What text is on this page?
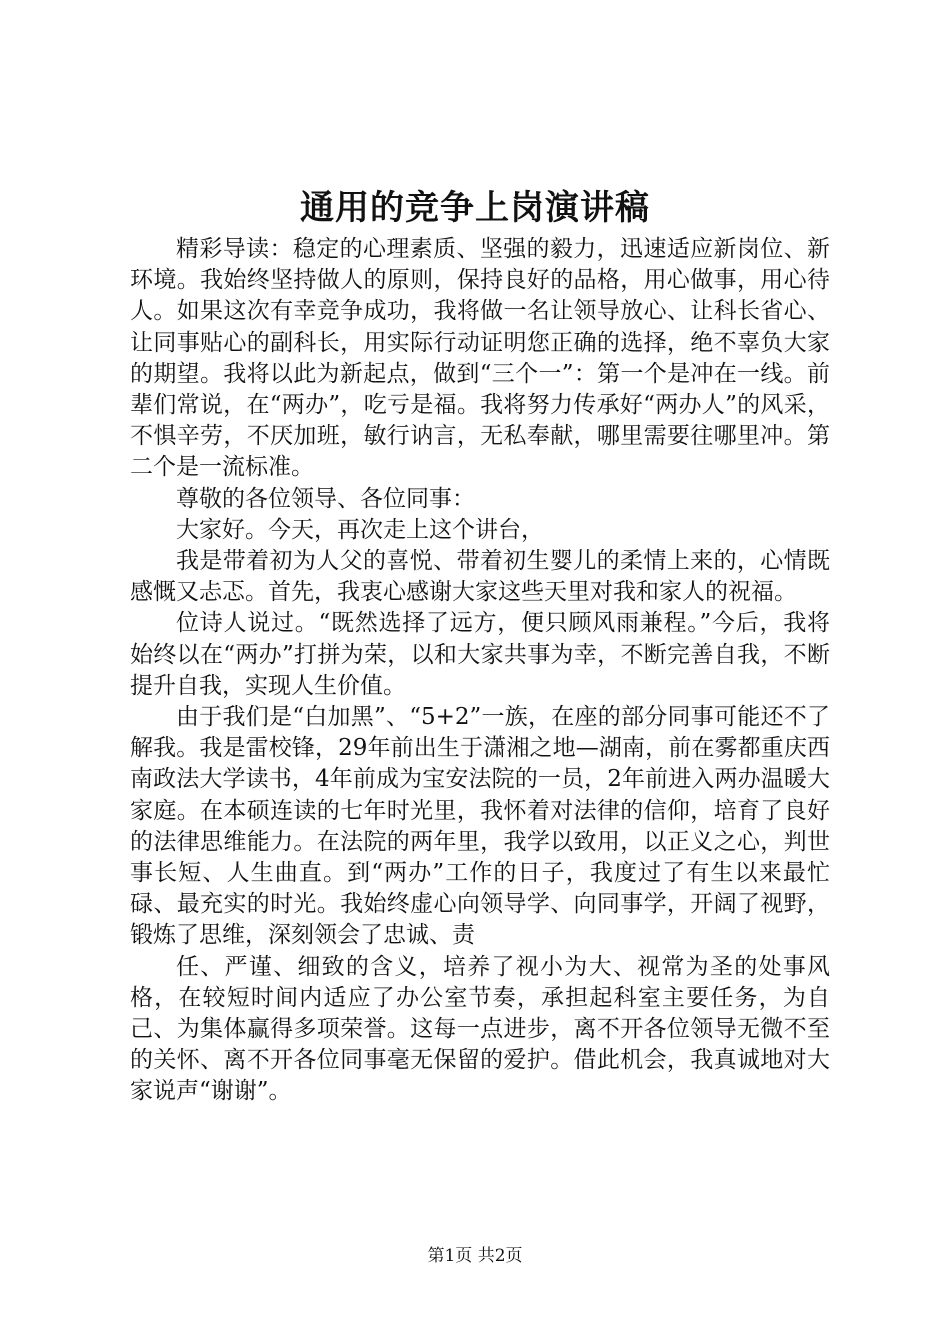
通用的竞争上岗演讲稿

精彩导读：稳定的心理素质、坚强的毅力，迅速适应新岗位、新环境。我始终坚持做人的原则，保持良好的品格，用心做事，用心待人。如果这次有幸竞争成功，我将做一名让领导放心、让科长省心、让同事贴心的副科长，用实际行动证明您正确的选择，绝不辜负大家的期望。我将以此为新起点，做到“三个一”：第一个是冲在一线。前辈们常说，在“两办”，吃亏是福。我将努力传承好“两办人”的风采，不惧辛劳，不厌加班，敏行讷言，无私奉献，哪里需要往哪里冲。第二个是一流标准。

尊敬的各位领导、各位同事：

大家好。今天，再次走上这个讲台，

我是带着初为人父的喜悦、带着初生婴儿的柔情上来的，心情既感慨又忐忑。首先，我衷心感谢大家这些天里对我和家人的祝福。

位诗人说过。“既然选择了远方，便只顾风雨兼程。”今后，我将始终以在“两办”打拼为荣，以和大家共事为幸，不断完善自我，不断提升自我，实现人生价值。

由于我们是“白加黑”、“5+2”一族，在座的部分同事可能还不了解我。我是雷校锋，29年前出生于潇湘之地—湖南，前在雾都重庆西南政法大学读书，4年前成为宝安法院的一员，2年前进入两办温暖大家庭。在本硕连读的七年时光里，我怀着对法律的信仰，培育了良好的法律思维能力。在法院的两年里，我学以致用，以正义之心，判世事长短、人生曲直。到“两办”工作的日子，我度过了有生以来最忙碌、最充实的时光。我始终虚心向领导学、向同事学，开阔了视野，锻炼了思维，深刻领会了忠诚、责

任、严谨、细致的含义，培养了视小为大、视常为圣的处事风格，在较短时间内适应了办公室节奏，承担起科室主要任务，为自己、为集体赢得多项荣誉。这每一点进步，离不开各位领导无微不至的关怀、离不开各位同事毫无保留的爱护。借此机会，我真诚地对大家说声“谢谢”。

第1页 共2页
